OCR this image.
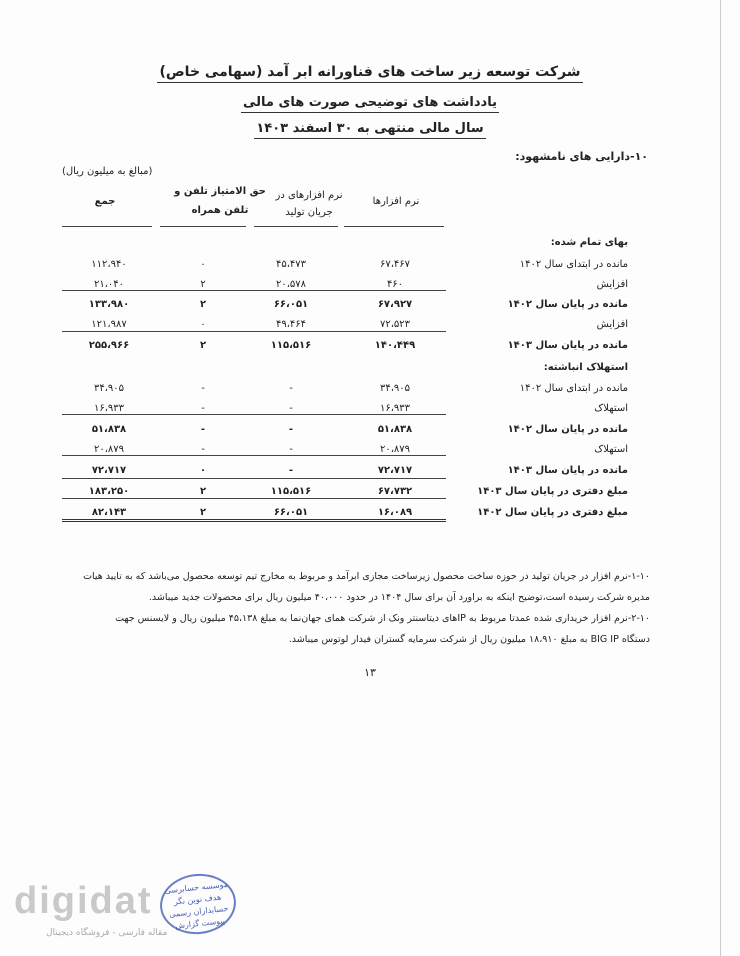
شرکت توسعه زیر ساخت های فناورانه ابر آمد (سهامی خاص)
یادداشت های توضیحی صورت های مالی
سال مالی منتهی به ۳۰ اسفند ۱۴۰۳
۱۰-دارایی های نامشهود:
(مبالغ به میلیون ریال)
نرم افزارها
نرم افزارهای در
جریان تولید
حق الامتیاز تلفن و
تلفن همراه
جمع
بهای تمام شده:
مانده در ابتدای سال ۱۴۰۲
۶۷،۴۶۷
۴۵،۴۷۳
۰
۱۱۲،۹۴۰
افزایش
۴۶۰
۲۰،۵۷۸
۲
۲۱،۰۴۰
مانده در پایان سال ۱۴۰۲
۶۷،۹۲۷
۶۶،۰۵۱
۲
۱۳۳،۹۸۰
افزایش
۷۲،۵۲۳
۴۹،۴۶۴
۰
۱۲۱،۹۸۷
مانده در پایان سال ۱۴۰۳
۱۴۰،۴۴۹
۱۱۵،۵۱۶
۲
۲۵۵،۹۶۶
استهلاک انباشته:
مانده در ابتدای سال ۱۴۰۲
۳۴،۹۰۵
-
-
۳۴،۹۰۵
استهلاک
۱۶،۹۳۳
-
-
۱۶،۹۳۳
مانده در پایان سال ۱۴۰۲
۵۱،۸۳۸
-
-
۵۱،۸۳۸
استهلاک
۲۰،۸۷۹
-
-
۲۰،۸۷۹
مانده در پایان سال ۱۴۰۳
۷۲،۷۱۷
-
۰
۷۲،۷۱۷
مبلغ دفتری در پایان سال ۱۴۰۳
۶۷،۷۳۲
۱۱۵،۵۱۶
۲
۱۸۳،۲۵۰
مبلغ دفتری در پایان سال ۱۴۰۲
۱۶،۰۸۹
۶۶،۰۵۱
۲
۸۲،۱۴۳
۱-۱۰-نرم افزار در جریان تولید در حوزه ساخت محصول زیرساخت مجازی ابرآمد و مربوط به مخارج تیم توسعه محصول می‌باشد که به تایید هیات
مدیره شرکت رسیده است،توضیح اینکه به براورد آن برای سال ۱۴۰۴ در حدود ۴۰،۰۰۰ میلیون ریال برای محصولات جدید میباشد.
۲-۱۰-نرم افزار خریداری شده عمدتا مربوط به IPهای دیتاسنتر ونک از شرکت همای جهان‌نما به مبلغ ۴۵،۱۳۸ میلیون ریال و لایسنس جهت
دستگاه BIG IP به مبلغ ۱۸،۹۱۰ میلیون ریال از شرکت سرمایه گستران فیدار لوتوس میباشد.
۱۳
digidat
مقاله فارسی - فروشگاه دیجیتال
موسسه حسابرسی هدف نوین نگر
حسابداران رسمی
پیوست گزارش
